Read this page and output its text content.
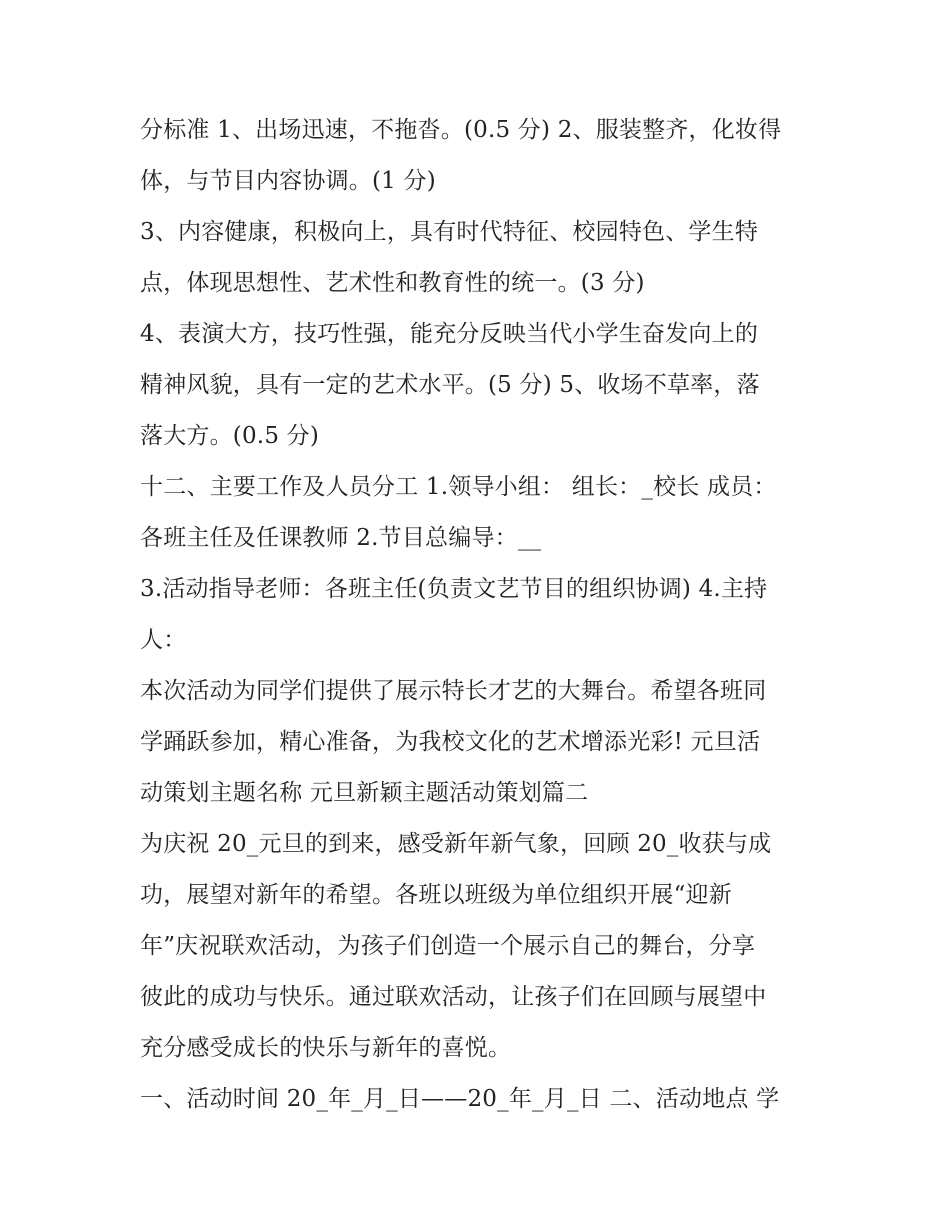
分标准 1、出场迅速，不拖沓。(0.5 分) 2、服装整齐，化妆得
体，与节目内容协调。(1 分)
3、内容健康，积极向上，具有时代特征、校园特色、学生特
点，体现思想性、艺术性和教育性的统一。(3 分)
4、表演大方，技巧性强，能充分反映当代小学生奋发向上的
精神风貌，具有一定的艺术水平。(5 分) 5、收场不草率，落
落大方。(0.5 分)
十二、主要工作及人员分工 1.领导小组： 组长：_校长 成员：
各班主任及任课教师 2.节目总编导：__
3.活动指导老师：各班主任(负责文艺节目的组织协调) 4.主持
人：
本次活动为同学们提供了展示特长才艺的大舞台。希望各班同
学踊跃参加，精心准备，为我校文化的艺术增添光彩! 元旦活
动策划主题名称 元旦新颖主题活动策划篇二
为庆祝 20_元旦的到来，感受新年新气象，回顾 20_收获与成
功，展望对新年的希望。各班以班级为单位组织开展“迎新
年”庆祝联欢活动，为孩子们创造一个展示自己的舞台，分享
彼此的成功与快乐。通过联欢活动，让孩子们在回顾与展望中
充分感受成长的快乐与新年的喜悦。
一、活动时间 20_年_月_日——20_年_月_日 二、活动地点 学
